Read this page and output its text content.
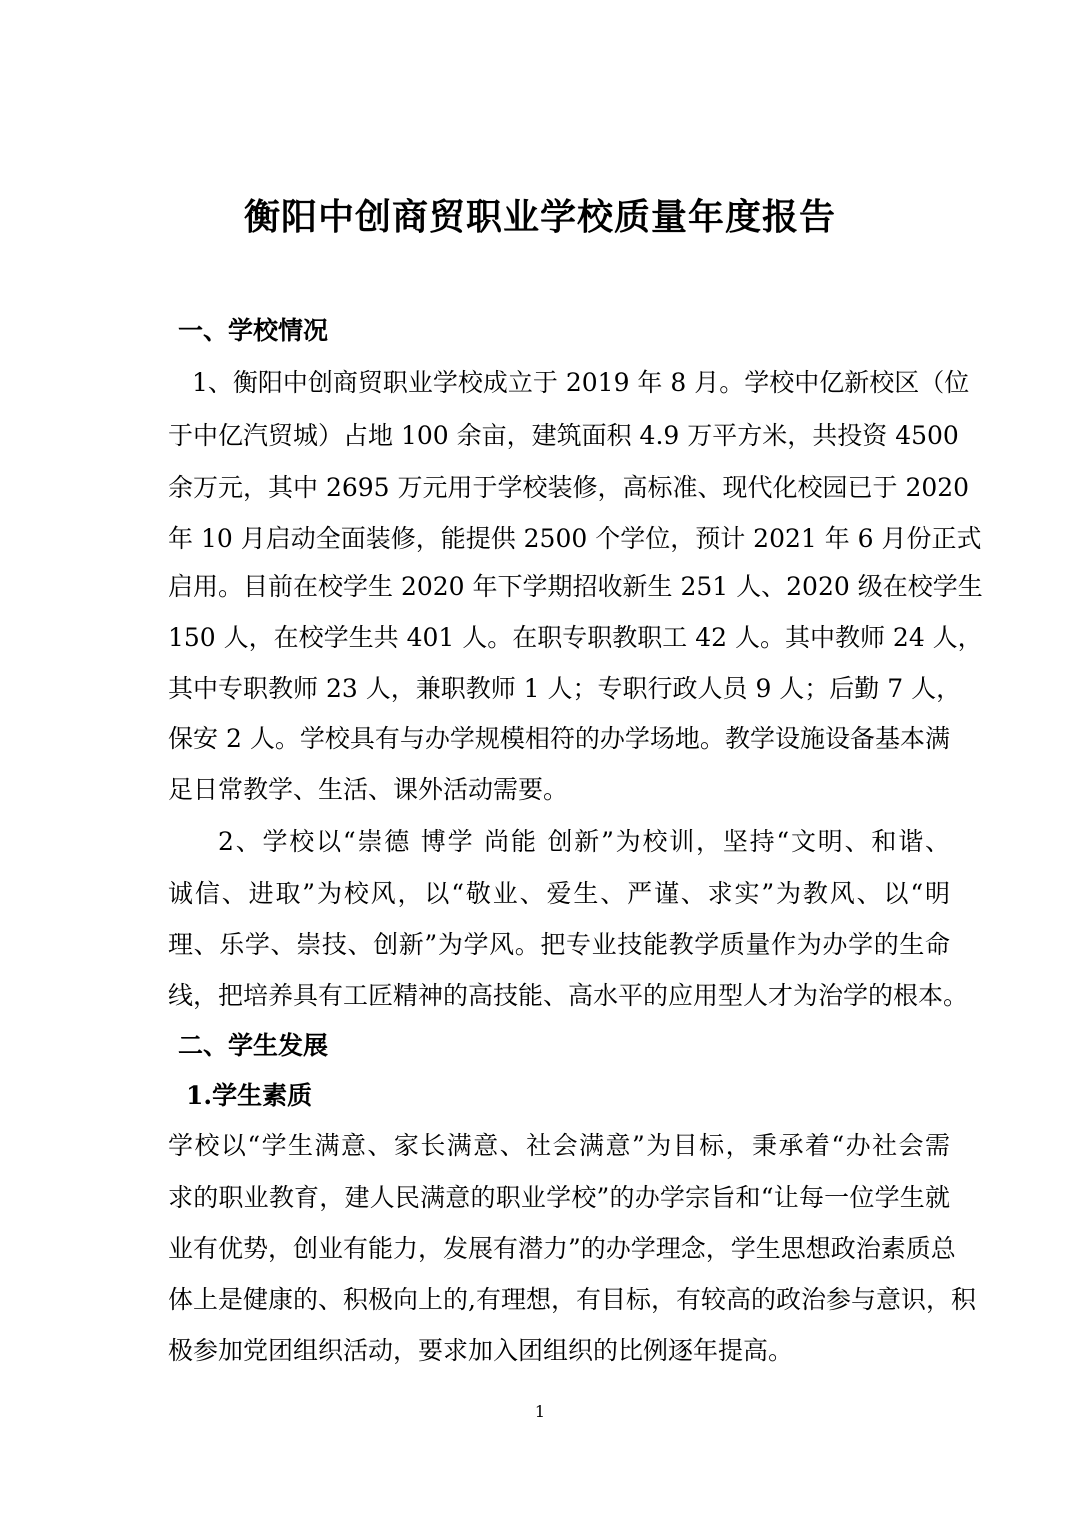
衡阳中创商贸职业学校质量年度报告
一、学校情况
1、衡阳中创商贸职业学校成立于 2019 年 8 月。学校中亿新校区（位
于中亿汽贸城）占地 100 余亩，建筑面积 4.9 万平方米，共投资 4500
余万元，其中 2695 万元用于学校装修，高标准、现代化校园已于 2020
年 10 月启动全面装修，能提供 2500 个学位，预计 2021 年 6 月份正式
启用。目前在校学生 2020 年下学期招收新生 251 人、2020 级在校学生
150 人，在校学生共 401 人。在职专职教职工 42 人。其中教师 24 人，
其中专职教师 23 人，兼职教师 1 人；专职行政人员 9 人；后勤 7 人，
保安 2 人。学校具有与办学规模相符的办学场地。教学设施设备基本满
足日常教学、生活、课外活动需要。
2、学校以“崇德 博学 尚能 创新”为校训，坚持“文明、和谐、
诚信、进取”为校风，以“敬业、爱生、严谨、求实”为教风、以“明
理、乐学、崇技、创新”为学风。把专业技能教学质量作为办学的生命
线，把培养具有工匠精神的高技能、高水平的应用型人才为治学的根本。
二、学生发展
1.学生素质
学校以“学生满意、家长满意、社会满意”为目标，秉承着“办社会需
求的职业教育，建人民满意的职业学校”的办学宗旨和“让每一位学生就
业有优势，创业有能力，发展有潜力”的办学理念，学生思想政治素质总
体上是健康的、积极向上的,有理想，有目标，有较高的政治参与意识，积
极参加党团组织活动，要求加入团组织的比例逐年提高。
1
